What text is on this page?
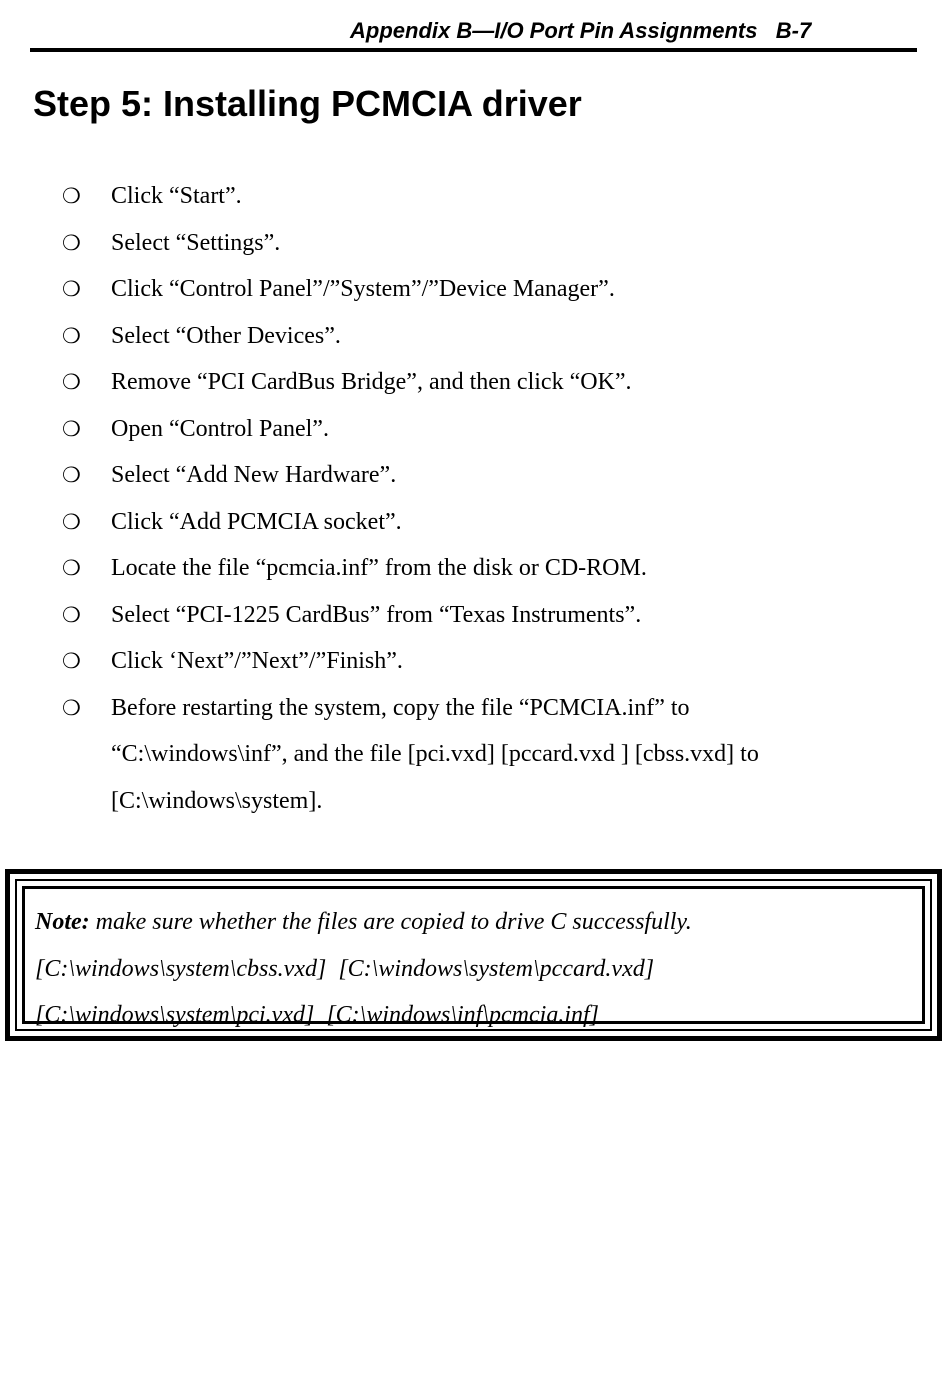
Appendix B—I/O Port Pin Assignments   B-7
Step 5: Installing PCMCIA driver
❍	Click “Start”.
❍	Select “Settings”.
❍	Click “Control Panel”/”System”/”Device Manager”.
❍	Select “Other Devices”.
❍	Remove “PCI CardBus Bridge”, and then click “OK”.
❍	Open “Control Panel”.
❍	Select “Add New Hardware”.
❍	Click “Add PCMCIA socket”.
❍	Locate the file “pcmcia.inf” from the disk or CD-ROM.
❍	Select “PCI-1225 CardBus” from “Texas Instruments”.
❍	Click ‘Next”/”Next”/”Finish”.
❍	Before restarting the system, copy the file “PCMCIA.inf” to “C:\windows\inf”, and the file [pci.vxd] [pccard.vxd ] [cbss.vxd] to [C:\windows\system].
Note: make sure whether the files are copied to drive C successfully.
[C:\windows\system\cbss.vxd]  [C:\windows\system\pccard.vxd]
[C:\windows\system\pci.vxd]  [C:\windows\inf\pcmcia.inf]
